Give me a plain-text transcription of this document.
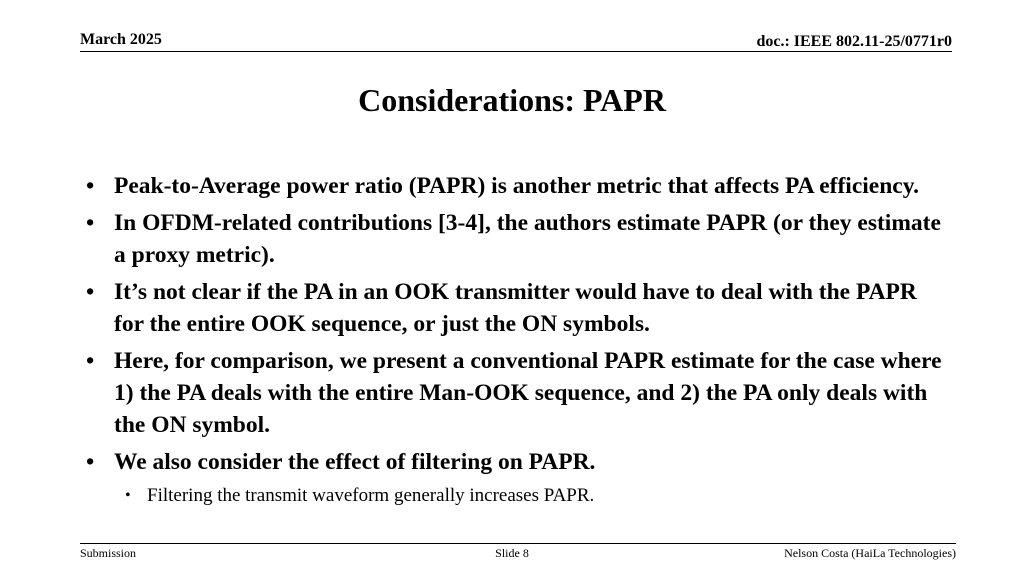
March 2025	doc.: IEEE 802.11-25/0771r0
Considerations: PAPR
• Peak-to-Average power ratio (PAPR) is another metric that affects PA efficiency.
• In OFDM-related contributions [3-4], the authors estimate PAPR (or they estimate a proxy metric).
• It’s not clear if the PA in an OOK transmitter would have to deal with the PAPR for the entire OOK sequence, or just the ON symbols.
• Here, for comparison, we present a conventional PAPR estimate for the case where 1) the PA deals with the entire Man-OOK sequence, and 2) the PA only deals with the ON symbol.
• We also consider the effect of filtering on PAPR.
• Filtering the transmit waveform generally increases PAPR.
Submission	Slide 8	Nelson Costa (HaiLa Technologies)
